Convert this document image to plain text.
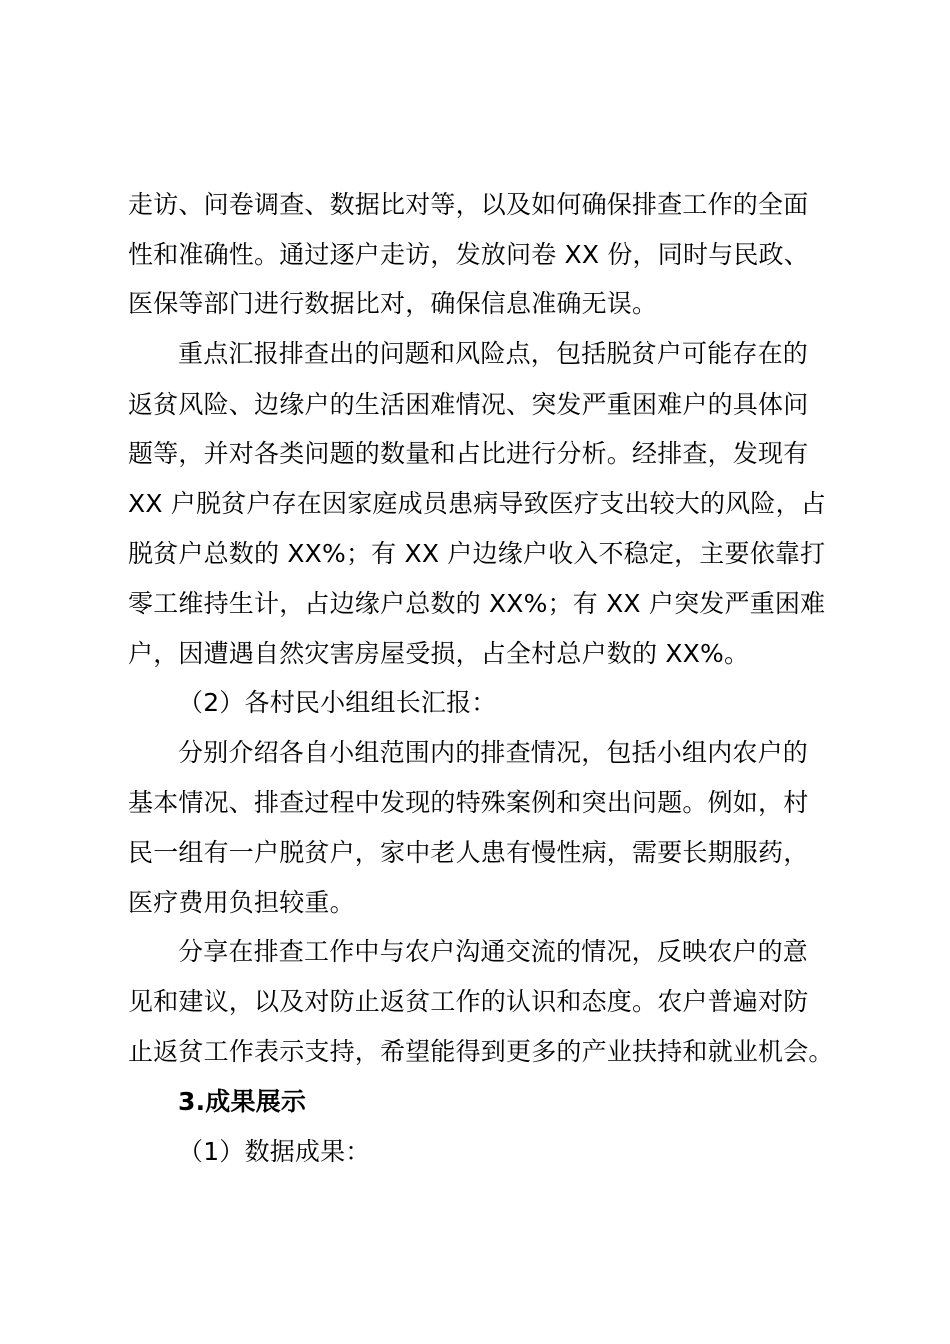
走访、问卷调查、数据比对等，以及如何确保排查工作的全面
性和准确性。通过逐户走访，发放问卷 XX 份，同时与民政、
医保等部门进行数据比对，确保信息准确无误。
重点汇报排查出的问题和风险点，包括脱贫户可能存在的
返贫风险、边缘户的生活困难情况、突发严重困难户的具体问
题等，并对各类问题的数量和占比进行分析。经排查，发现有
XX 户脱贫户存在因家庭成员患病导致医疗支出较大的风险，占
脱贫户总数的 XX%；有 XX 户边缘户收入不稳定，主要依靠打
零工维持生计，占边缘户总数的 XX%；有 XX 户突发严重困难
户，因遭遇自然灾害房屋受损，占全村总户数的 XX%。
（2）各村民小组组长汇报：
分别介绍各自小组范围内的排查情况，包括小组内农户的
基本情况、排查过程中发现的特殊案例和突出问题。例如，村
民一组有一户脱贫户，家中老人患有慢性病，需要长期服药，
医疗费用负担较重。
分享在排查工作中与农户沟通交流的情况，反映农户的意
见和建议，以及对防止返贫工作的认识和态度。农户普遍对防
止返贫工作表示支持，希望能得到更多的产业扶持和就业机会。
3.成果展示
（1）数据成果：
